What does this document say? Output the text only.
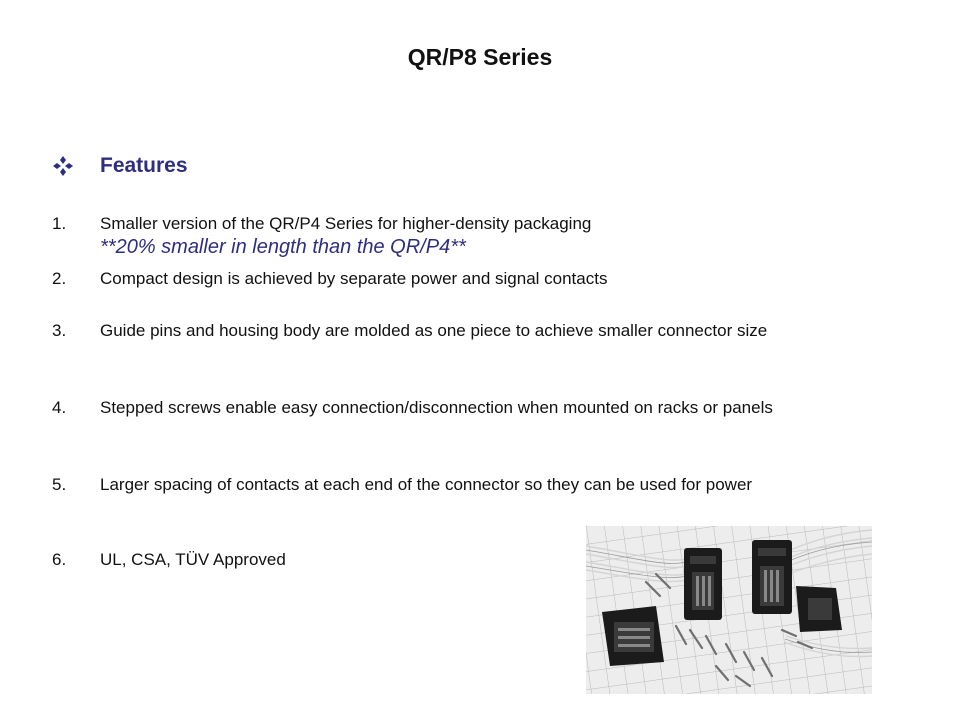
QR/P8 Series
Features
1. Smaller version of the QR/P4 Series for higher-density packaging
**20% smaller in length than the QR/P4**
2. Compact design is achieved by separate power and signal contacts
3. Guide pins and housing body are molded as one piece to achieve smaller connector size
4. Stepped screws enable easy connection/disconnection when mounted on racks or panels
5. Larger spacing of contacts at each end of the connector so they can be used for power
6. UL, CSA, TÜV Approved
